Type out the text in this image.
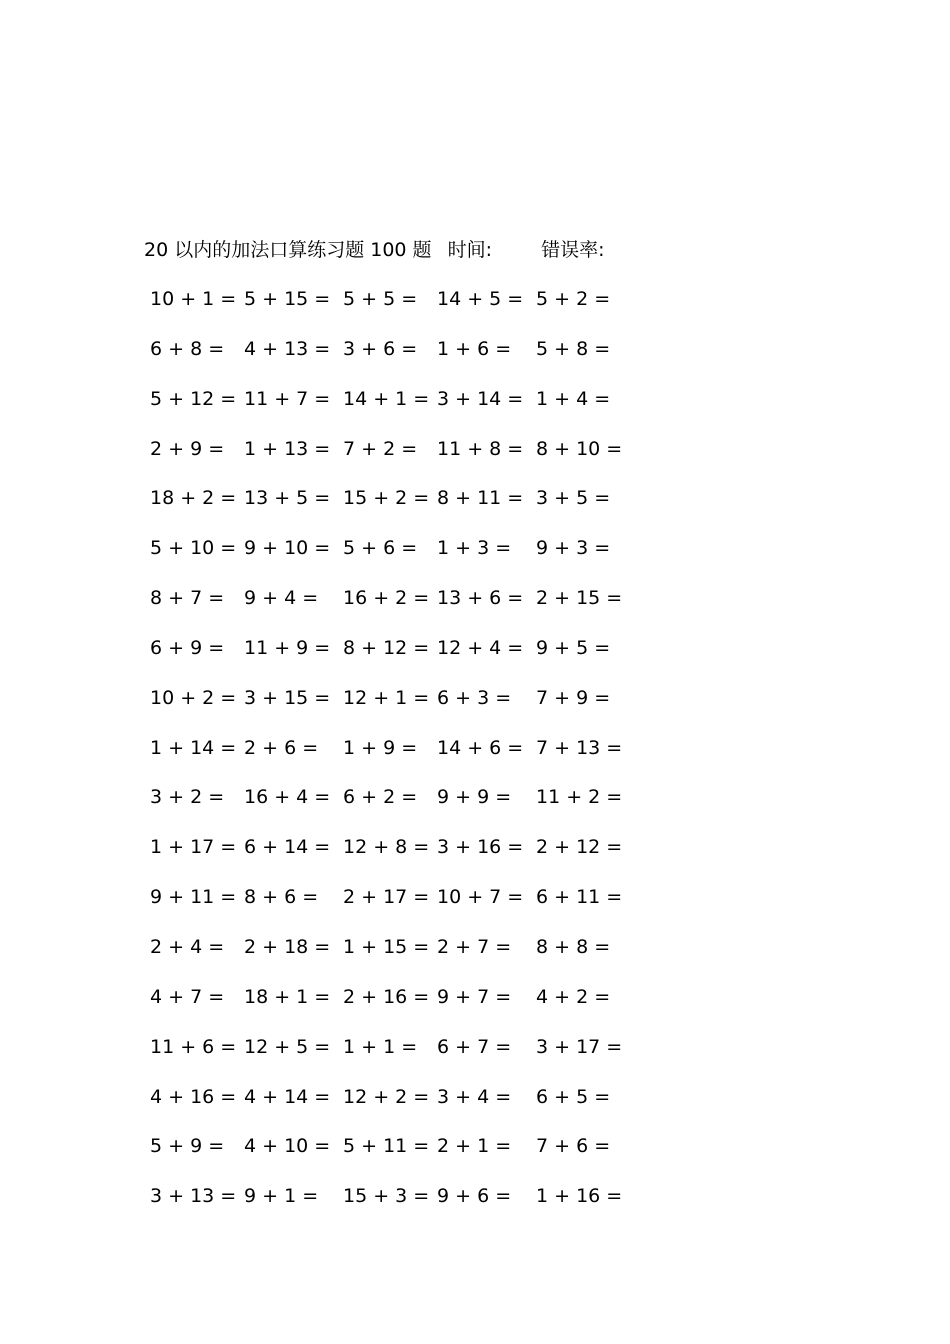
20 以内的加法口算练习题 100 题 时间:	错误率:
10 + 1 = 5 + 15 = 5 + 5 = 14 + 5 = 5 + 2 =
6 + 8 = 4 + 13 = 3 + 6 = 1 + 6 = 5 + 8 =
5 + 12 = 11 + 7 = 14 + 1 = 3 + 14 = 1 + 4 =
2 + 9 = 1 + 13 = 7 + 2 = 11 + 8 = 8 + 10 =
18 + 2 = 13 + 5 = 15 + 2 = 8 + 11 = 3 + 5 =
5 + 10 = 9 + 10 = 5 + 6 = 1 + 3 = 9 + 3 =
8 + 7 = 9 + 4 = 16 + 2 = 13 + 6 = 2 + 15 =
6 + 9 = 11 + 9 = 8 + 12 = 12 + 4 = 9 + 5 =
10 + 2 = 3 + 15 = 12 + 1 = 6 + 3 = 7 + 9 =
1 + 14 = 2 + 6 = 1 + 9 = 14 + 6 = 7 + 13 =
3 + 2 = 16 + 4 = 6 + 2 = 9 + 9 = 11 + 2 =
1 + 17 = 6 + 14 = 12 + 8 = 3 + 16 = 2 + 12 =
9 + 11 = 8 + 6 = 2 + 17 = 10 + 7 = 6 + 11 =
2 + 4 = 2 + 18 = 1 + 15 = 2 + 7 = 8 + 8 =
4 + 7 = 18 + 1 = 2 + 16 = 9 + 7 = 4 + 2 =
11 + 6 = 12 + 5 = 1 + 1 = 6 + 7 = 3 + 17 =
4 + 16 = 4 + 14 = 12 + 2 = 3 + 4 = 6 + 5 =
5 + 9 = 4 + 10 = 5 + 11 = 2 + 1 = 7 + 6 =
3 + 13 = 9 + 1 = 15 + 3 = 9 + 6 = 1 + 16 =
